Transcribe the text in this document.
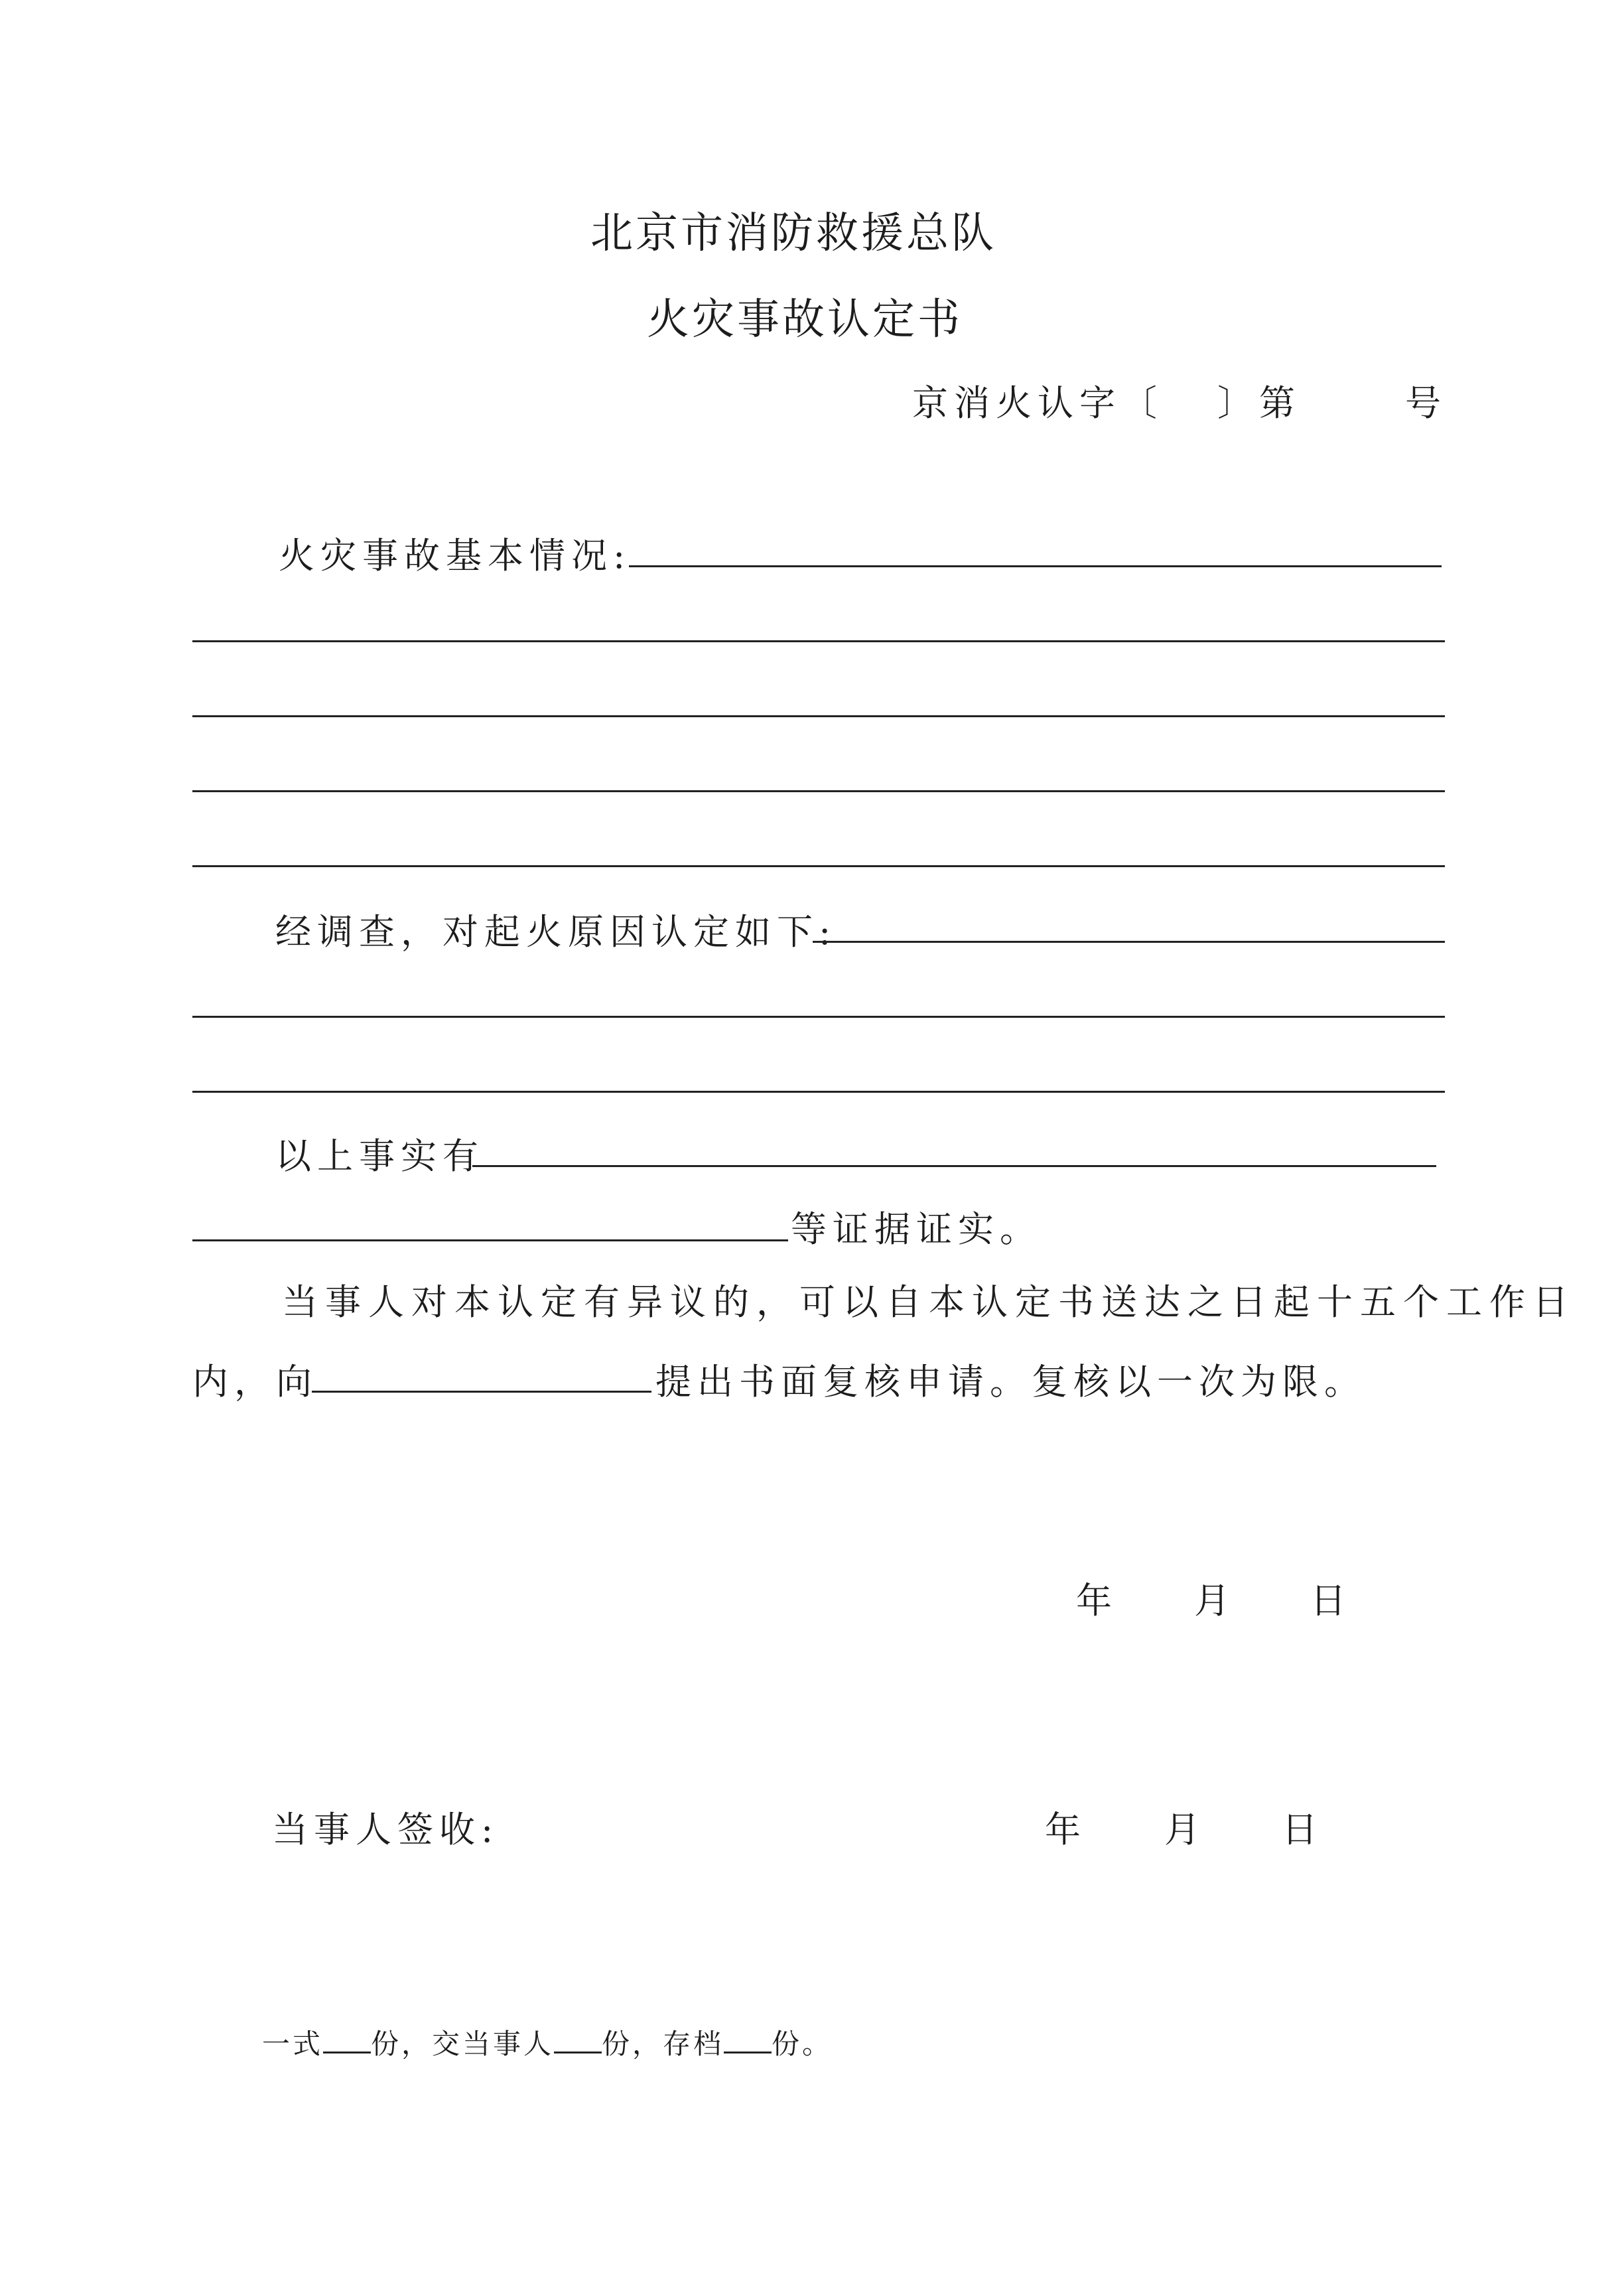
北京市消防救援总队
火灾事故认定书
京消火认字〔 〕第	号
火灾事故基本情况:
经调查，对起火原因认定如下:
以上事实有
等证据证实。
当事人对本认定有异议的，可以自本认定书送达之日起十五个工作日
内，向	提出书面复核申请。复核以一次为限。
年 月 日
当事人签收:	年 月 日
一式 份，交当事人 份，存档 份。
